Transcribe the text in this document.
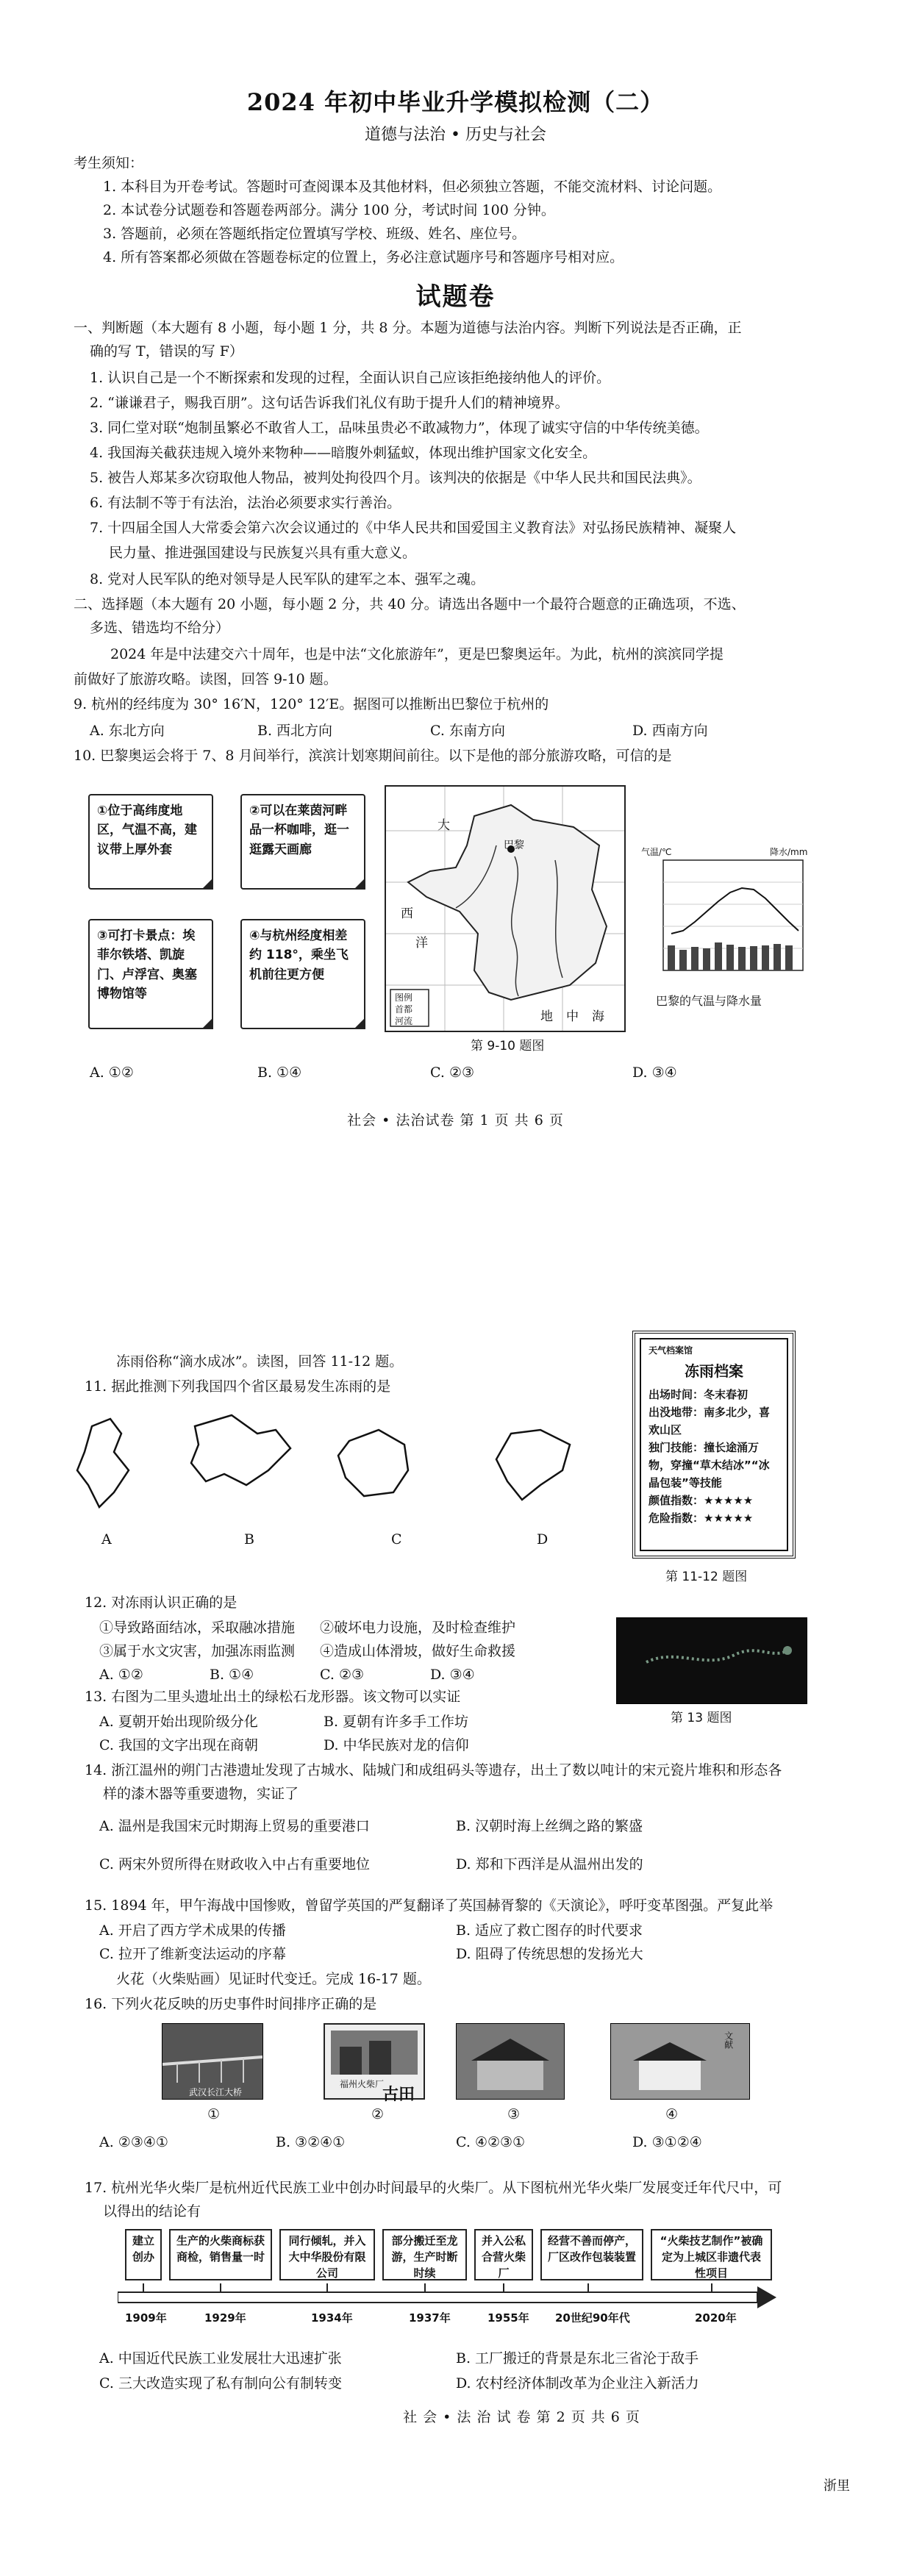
2024 年初中毕业升学模拟检测（二）
道德与法治 • 历史与社会
考生须知：
1. 本科目为开卷考试。答题时可查阅课本及其他材料，但必须独立答题，不能交流材料、讨论问题。
2. 本试卷分试题卷和答题卷两部分。满分 100 分，考试时间 100 分钟。
3. 答题前，必须在答题纸指定位置填写学校、班级、姓名、座位号。
4. 所有答案都必须做在答题卷标定的位置上，务必注意试题序号和答题序号相对应。
试题卷
一、判断题（本大题有 8 小题，每小题 1 分，共 8 分。本题为道德与法治内容。判断下列说法是否正确，正
确的写 T，错误的写 F）
1. 认识自己是一个不断探索和发现的过程，全面认识自己应该拒绝接纳他人的评价。
2. “谦谦君子，赐我百朋”。这句话告诉我们礼仪有助于提升人们的精神境界。
3. 同仁堂对联“炮制虽繁必不敢省人工，品味虽贵必不敢减物力”，体现了诚实守信的中华传统美德。
4. 我国海关截获违规入境外来物种——暗腹外刺猛蚁，体现出维护国家文化安全。
5. 被告人郑某多次窃取他人物品，被判处拘役四个月。该判决的依据是《中华人民共和国民法典》。
6. 有法制不等于有法治，法治必须要求实行善治。
7. 十四届全国人大常委会第六次会议通过的《中华人民共和国爱国主义教育法》对弘扬民族精神、凝聚人
民力量、推进强国建设与民族复兴具有重大意义。
8. 党对人民军队的绝对领导是人民军队的建军之本、强军之魂。
二、选择题（本大题有 20 小题，每小题 2 分，共 40 分。请选出各题中一个最符合题意的正确选项，不选、
多选、错选均不给分）
2024 年是中法建交六十周年，也是中法“文化旅游年”，更是巴黎奥运年。为此，杭州的滨滨同学提
前做好了旅游攻略。读图，回答 9-10 题。
9. 杭州的经纬度为 30° 16′N，120° 12′E。据图可以推断出巴黎位于杭州的
A. 东北方向	B. 西北方向	C. 东南方向	D. 西南方向
10. 巴黎奥运会将于 7、8 月间举行，滨滨计划寒期间前往。以下是他的部分旅游攻略，可信的是
①位于高纬度地区，气温不高，建议带上厚外套
②可以在莱茵河畔品一杯咖啡，逛一逛露天画廊
③可打卡景点：埃菲尔铁塔、凯旋门、卢浮宫、奥塞博物馆等
④与杭州经度相差约 118°，乘坐飞机前往更方便
大
巴黎
西
洋
地 中 海
图例
首都
河流
气温/℃	降水/mm
巴黎的气温与降水量
第 9-10 题图
A. ①②	B. ①④	C. ②③	D. ③④
社会 • 法治试卷 第 1 页 共 6 页
冻雨俗称“滴水成冰”。读图，回答 11-12 题。
11. 据此推测下列我国四个省区最易发生冻雨的是
A	B	C	D
天气档案馆
冻雨档案
出场时间：冬末春初
出没地带：南多北少，喜欢山区
独门技能：撞长途涌万物，穿撞“草木结冰”“冰晶包装”等技能
颜值指数：★★★★★
危险指数：★★★★★
第 11-12 题图
12. 对冻雨认识正确的是
①导致路面结冰，采取融冰措施 ②破坏电力设施，及时检查维护
③属于水文灾害，加强冻雨监测 ④造成山体滑坡，做好生命救援
A. ①②	B. ①④	C. ②③	D. ③④
第 13 题图
13. 右图为二里头遗址出土的绿松石龙形器。该文物可以实证
A. 夏朝开始出现阶级分化	B. 夏朝有许多手工作坊
C. 我国的文字出现在商朝	D. 中华民族对龙的信仰
14. 浙江温州的朔门古港遗址发现了古城水、陆城门和成组码头等遗存，出土了数以吨计的宋元瓷片堆积和形态各
样的漆木器等重要遗物，实证了
A. 温州是我国宋元时期海上贸易的重要港口	B. 汉朝时海上丝绸之路的繁盛
C. 两宋外贸所得在财政收入中占有重要地位	D. 郑和下西洋是从温州出发的
15. 1894 年，甲午海战中国惨败，曾留学英国的严复翻译了英国赫胥黎的《天演论》，呼吁变革图强。严复此举
A. 开启了西方学术成果的传播	B. 适应了救亡图存的时代要求
C. 拉开了维新变法运动的序幕	D. 阻碍了传统思想的发扬光大
火花（火柴贴画）见证时代变迁。完成 16-17 题。
16. 下列火花反映的历史事件时间排序正确的是
武汉长江大桥
福州火柴厂
古田
文献
①	②	③	④
A. ②③④①	B. ③②④①	C. ④②③①	D. ③①②④
17. 杭州光华火柴厂是杭州近代民族工业中创办时间最早的火柴厂。从下图杭州光华火柴厂发展变迁年代尺中，可
以得出的结论有
建立创办
生产的火柴商标获商检，销售量一时
同行倾轧，并入大中华股份有限公司
部分搬迁至龙游，生产时断时续
并入公私合营火柴厂
经营不善而停产，厂区改作包装装置
“火柴技艺制作”被确定为上城区非遗代表性项目
1909年	1929年	1934年	1937年	1955年 20世纪90年代	2020年
A. 中国近代民族工业发展壮大迅速扩张	B. 工厂搬迁的背景是东北三省沦于敌手
C. 三大改造实现了私有制向公有制转变	D. 农村经济体制改革为企业注入新活力
社 会 • 法 治 试 卷 第 2 页 共 6 页
浙里
